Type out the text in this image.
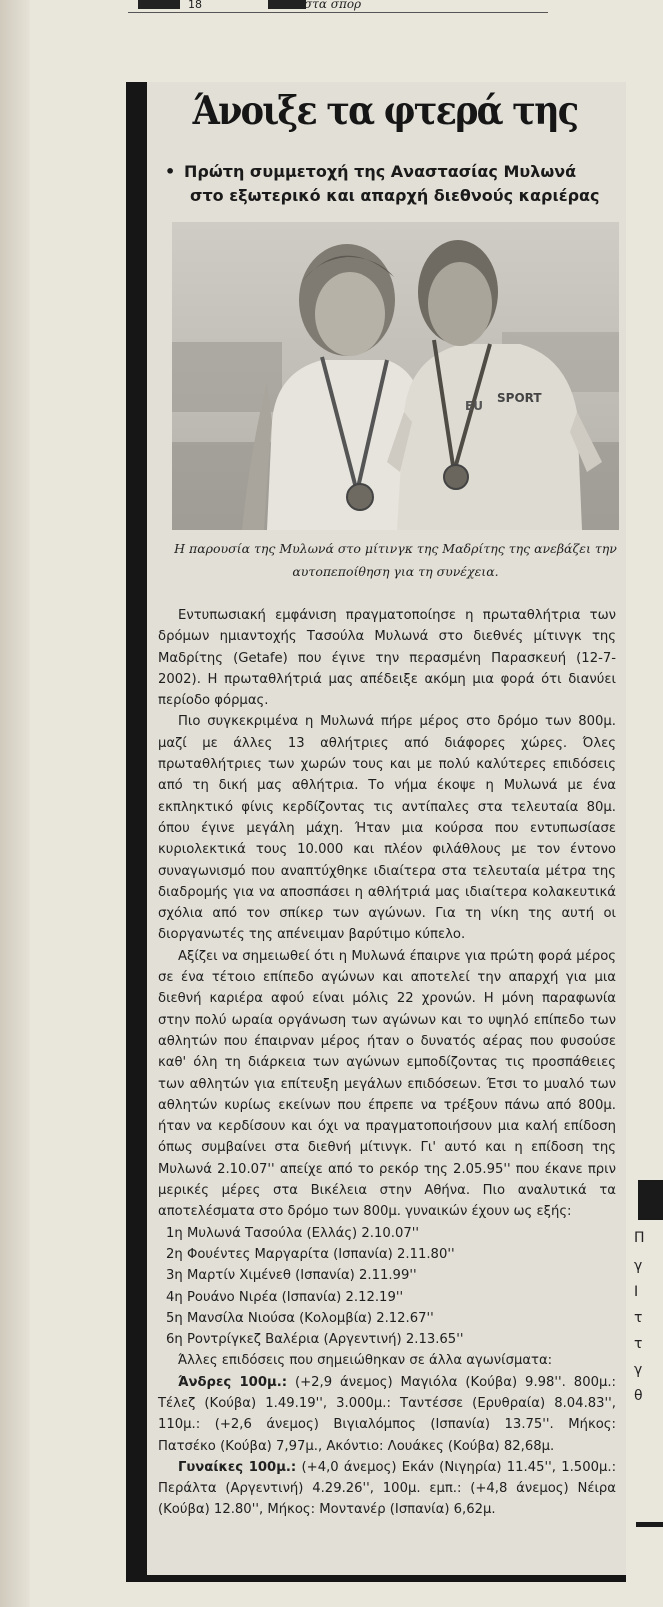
18	στα σπορ
Άνοιξε τα φτερά της
• Πρώτη συμμετοχή της Αναστασίας Μυλωνά
στο εξωτερικό και απαρχή διεθνούς καριέρας
SPORT
EU
Η παρουσία της Μυλωνά στο μίτινγκ της Μαδρίτης της ανεβάζει την
αυτοπεποίθηση για τη συνέχεια.

Εντυπωσιακή εμφάνιση πραγματοποίησε η πρωταθλήτρια των δρόμων ημιαντοχής Τασούλα Μυλωνά στο διεθνές μίτινγκ της Μαδρίτης (Getafe) που έγινε την περασμένη Παρασκευή (12-7-2002). Η πρωταθλήτριά μας απέδειξε ακόμη μια φορά ότι διανύει περίοδο φόρμας.

Πιο συγκεκριμένα η Μυλωνά πήρε μέρος στο δρόμο των 800μ. μαζί με άλλες 13 αθλήτριες από διάφορες χώρες. Όλες πρωταθλήτριες των χωρών τους και με πολύ καλύτερες επιδόσεις από τη δική μας αθλήτρια. Το νήμα έκοψε η Μυλωνά με ένα εκπληκτικό φίνις κερδίζοντας τις αντίπαλες στα τελευταία 80μ. όπου έγινε μεγάλη μάχη. Ήταν μια κούρσα που εντυπωσίασε κυριολεκτικά τους 10.000 και πλέον φιλάθλους με τον έντονο συναγωνισμό που αναπτύχθηκε ιδιαίτερα στα τελευταία μέτρα της διαδρομής για να αποσπάσει η αθλήτριά μας ιδιαίτερα κολακευτικά σχόλια από τον σπίκερ των αγώνων. Για τη νίκη της αυτή οι διοργανωτές της απένειμαν βαρύτιμο κύπελο.

Αξίζει να σημειωθεί ότι η Μυλωνά έπαιρνε για πρώτη φορά μέρος σε ένα τέτοιο επίπεδο αγώνων και αποτελεί την απαρχή για μια διεθνή καριέρα αφού είναι μόλις 22 χρονών. Η μόνη παραφωνία στην πολύ ωραία οργάνωση των αγώνων και το υψηλό επίπεδο των αθλητών που έπαιρναν μέρος ήταν ο δυνατός αέρας που φυσούσε καθ' όλη τη διάρκεια των αγώνων εμποδίζοντας τις προσπάθειες των αθλητών για επίτευξη μεγάλων επιδόσεων. Έτσι το μυαλό των αθλητών κυρίως εκείνων που έπρεπε να τρέξουν πάνω από 800μ. ήταν να κερδίσουν και όχι να πραγματοποιήσουν μια καλή επίδοση όπως συμβαίνει στα διεθνή μίτινγκ. Γι' αυτό και η επίδοση της Μυλωνά 2.10.07'' απείχε από το ρεκόρ της 2.05.95'' που έκανε πριν μερικές μέρες στα Βικέλεια στην Αθήνα. Πιο αναλυτικά τα αποτελέσματα στο δρόμο των 800μ. γυναικών έχουν ως εξής:

1η Μυλωνά Τασούλα (Ελλάς) 2.10.07''
2η Φουέντες Μαργαρίτα (Ισπανία) 2.11.80''
3η Μαρτίν Χιμένεθ (Ισπανία) 2.11.99''
4η Ρουάνο Νιρέα (Ισπανία) 2.12.19''
5η Μανσίλα Νιούσα (Κολομβία) 2.12.67''
6η Ροντρίγκεζ Βαλέρια (Αργεντινή) 2.13.65''

Άλλες επιδόσεις που σημειώθηκαν σε άλλα αγωνίσματα:

Άνδρες 100μ.: (+2,9 άνεμος) Μαγιόλα (Κούβα) 9.98''. 800μ.: Τέλεζ (Κούβα) 1.49.19'', 3.000μ.: Ταντέσσε (Ερυθραία) 8.04.83'', 110μ.: (+2,6 άνεμος) Βιγιαλόμπος (Ισπανία) 13.75''. Μήκος: Πατσέκο (Κούβα) 7,97μ., Ακόντιο: Λουάκες (Κούβα) 82,68μ.

Γυναίκες 100μ.: (+4,0 άνεμος) Εκάν (Νιγηρία) 11.45'', 1.500μ.: Περάλτα (Αργεντινή) 4.29.26'', 100μ. εμπ.: (+4,8 άνεμος) Νέιρα (Κούβα) 12.80'', Μήκος: Μοντανέρ (Ισπανία) 6,62μ.

Π
γ
Ι
τ
τ
γ
θ
